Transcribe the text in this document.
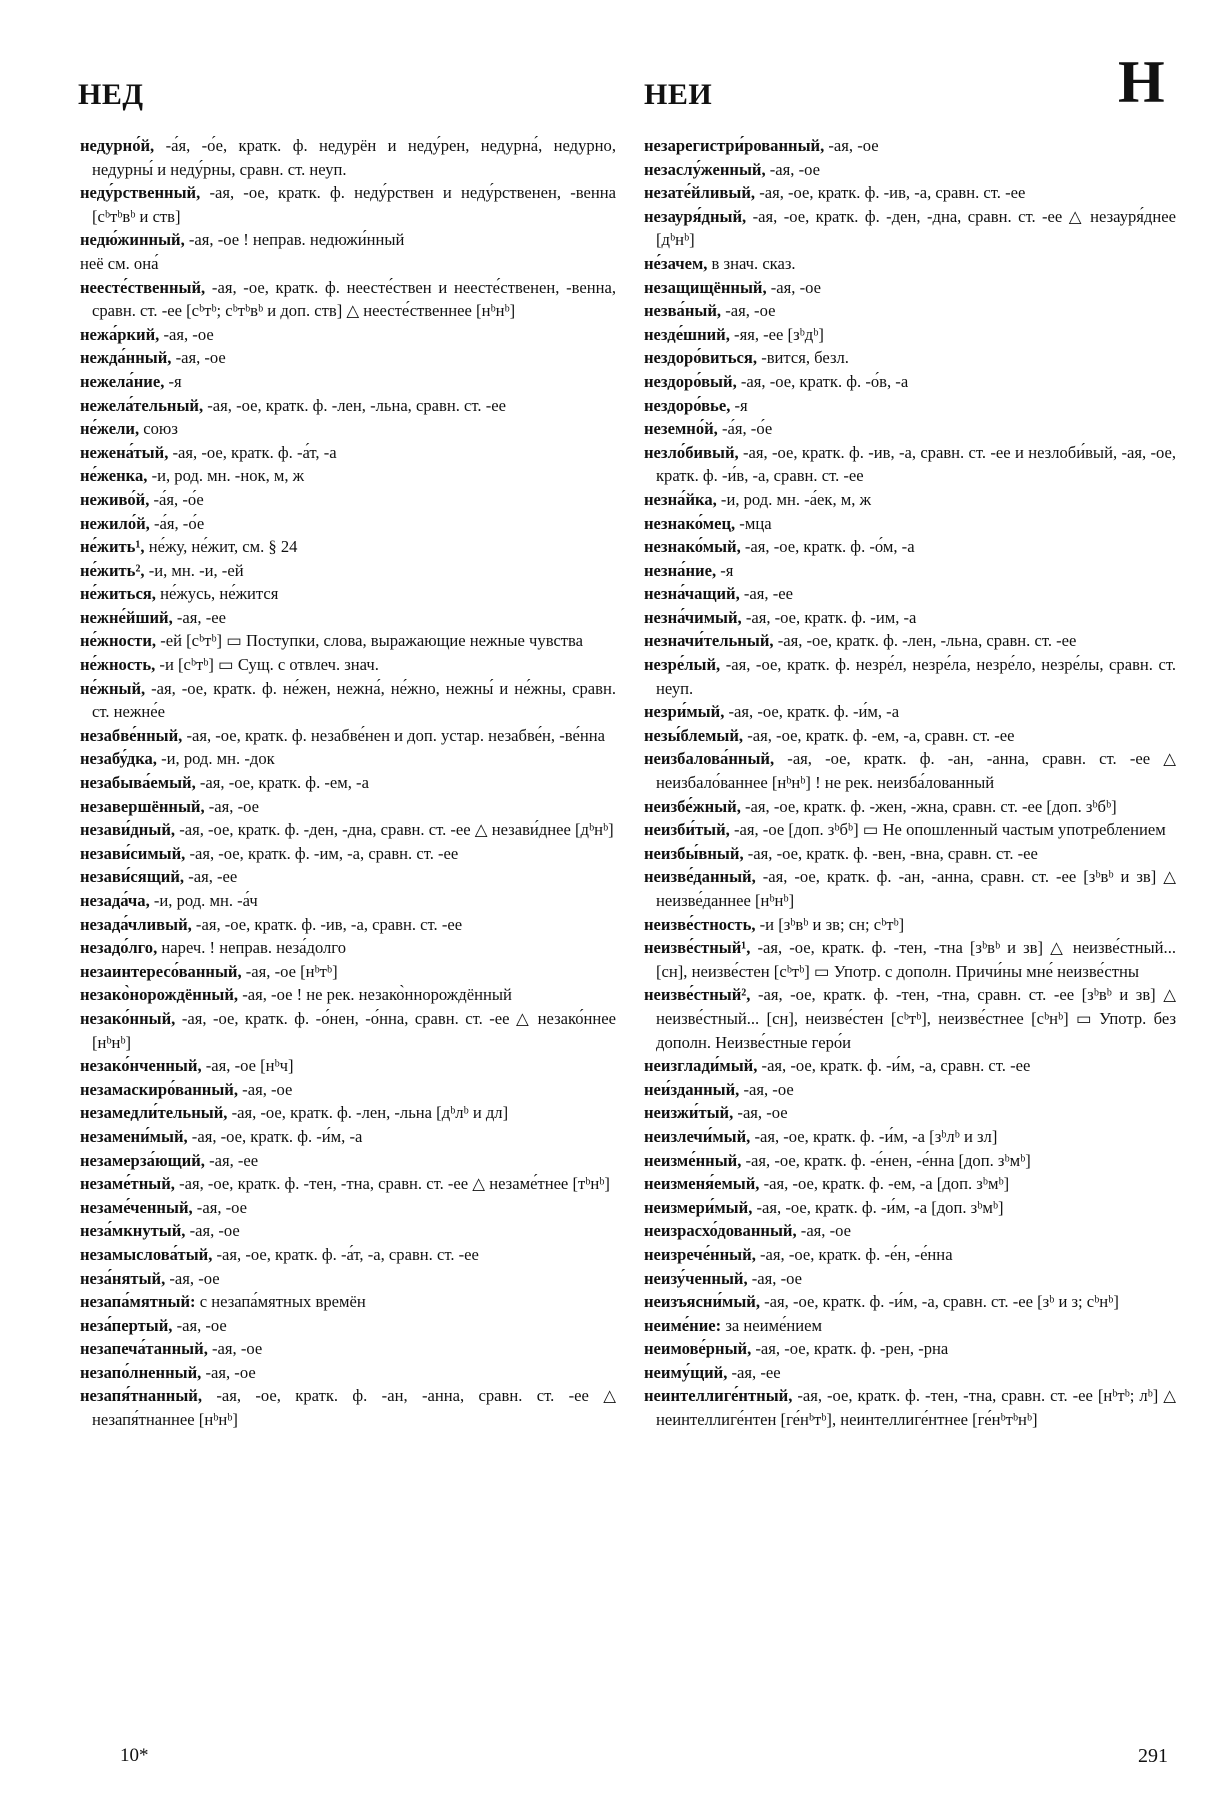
НЕД	НЕИ	Н

недурно́й, -а́я, -о́е, кратк. ф. недурён и неду́рен, недурна́, недурно, недурны́ и неду́рны, сравн. ст. неуп.

неду́рственный, -ая, -ое, кратк. ф. неду́рствен и неду́рственен, -венна [сᵇтᵇвᵇ и ств]

недю́жинный, -ая, -ое ! неправ. недюжи́нный

неё см. она́

неесте́ственный, -ая, -ое, кратк. ф. неесте́ствен и неесте́ственен, -венна, сравн. ст. -ее [сᵇтᵇ; сᵇтᵇвᵇ и доп. ств] △ неесте́ственнее [нᵇнᵇ]

нежа́ркий, -ая, -ое

нежда́нный, -ая, -ое

нежела́ние, -я

нежела́тельный, -ая, -ое, кратк. ф. -лен, -льна, сравн. ст. -ее

не́жели, союз

нежена́тый, -ая, -ое, кратк. ф. -а́т, -а

не́женка, -и, род. мн. -нок, м, ж

неживо́й, -а́я, -о́е

нежило́й, -а́я, -о́е

не́жить¹, не́жу, не́жит, см. § 24

не́жить², -и, мн. -и, -ей

не́житься, не́жусь, не́жится

нежне́йший, -ая, -ее

не́жности, -ей [сᵇтᵇ] ▭ Поступки, слова, выражающие нежные чувства

не́жность, -и [сᵇтᵇ] ▭ Сущ. с отвлеч. знач.

не́жный, -ая, -ое, кратк. ф. не́жен, нежна́, не́жно, нежны́ и не́жны, сравн. ст. нежне́е

незабве́нный, -ая, -ое, кратк. ф. незабве́нен и доп. устар. незабве́н, -ве́нна

незабу́дка, -и, род. мн. -док

незабыва́емый, -ая, -ое, кратк. ф. -ем, -а

незавершённый, -ая, -ое

незави́дный, -ая, -ое, кратк. ф. -ден, -дна, сравн. ст. -ее △ незави́днее [дᵇнᵇ]

незави́симый, -ая, -ое, кратк. ф. -им, -а, сравн. ст. -ее

незави́сящий, -ая, -ее

незада́ча, -и, род. мн. -а́ч

незада́чливый, -ая, -ое, кратк. ф. -ив, -а, сравн. ст. -ее

незадо́лго, нареч. ! неправ. неза́долго

незаинтересо́ванный, -ая, -ое [нᵇтᵇ]

незако̀норождённый, -ая, -ое ! не рек. незако̀ннорождённый

незако́нный, -ая, -ое, кратк. ф. -о́нен, -о́нна, сравн. ст. -ее △ незако́ннее [нᵇнᵇ]

незако́нченный, -ая, -ое [нᵇч]

незамаскиро́ванный, -ая, -ое

незамедли́тельный, -ая, -ое, кратк. ф. -лен, -льна [дᵇлᵇ и дл]

незамени́мый, -ая, -ое, кратк. ф. -и́м, -а

незамерза́ющий, -ая, -ее

незаме́тный, -ая, -ое, кратк. ф. -тен, -тна, сравн. ст. -ее △ незаме́тнее [тᵇнᵇ]

незаме́ченный, -ая, -ое

неза́мкнутый, -ая, -ое

незамыслова́тый, -ая, -ое, кратк. ф. -а́т, -а, сравн. ст. -ее

неза́нятый, -ая, -ое

незапа́мятный: с незапа́мятных времён

неза́пертый, -ая, -ое

незапеча́танный, -ая, -ое

незапо́лненный, -ая, -ое

незапя́тнанный, -ая, -ое, кратк. ф. -ан, -анна, сравн. ст. -ее △ незапя́тнаннее [нᵇнᵇ]

незарегистри́рованный, -ая, -ое

незаслу́женный, -ая, -ое

незате́йливый, -ая, -ое, кратк. ф. -ив, -а, сравн. ст. -ее

незауря́дный, -ая, -ое, кратк. ф. -ден, -дна, сравн. ст. -ее △ незауря́днее [дᵇнᵇ]

не́зачем, в знач. сказ.

незащищённый, -ая, -ое

незва́ный, -ая, -ое

незде́шний, -яя, -ее [зᵇдᵇ]

нездоро́виться, -вится, безл.

нездоро́вый, -ая, -ое, кратк. ф. -о́в, -а

нездоро́вье, -я

неземно́й, -а́я, -о́е

незло́бивый, -ая, -ое, кратк. ф. -ив, -а, сравн. ст. -ее и незлоби́вый, -ая, -ое, кратк. ф. -и́в, -а, сравн. ст. -ее

незна́йка, -и, род. мн. -а́ек, м, ж

незнако́мец, -мца

незнако́мый, -ая, -ое, кратк. ф. -о́м, -а

незна́ние, -я

незна́чащий, -ая, -ее

незна́чимый, -ая, -ое, кратк. ф. -им, -а

незначи́тельный, -ая, -ое, кратк. ф. -лен, -льна, сравн. ст. -ее

незре́лый, -ая, -ое, кратк. ф. незре́л, незре́ла, незре́ло, незре́лы, сравн. ст. неуп.

незри́мый, -ая, -ое, кратк. ф. -и́м, -а

незы́блемый, -ая, -ое, кратк. ф. -ем, -а, сравн. ст. -ее

неизбалова́нный, -ая, -ое, кратк. ф. -ан, -анна, сравн. ст. -ее △ неизбало́ваннее [нᵇнᵇ] ! не рек. неизба́лованный

неизбе́жный, -ая, -ое, кратк. ф. -жен, -жна, сравн. ст. -ее [доп. зᵇбᵇ]

неизби́тый, -ая, -ое [доп. зᵇбᵇ] ▭ Не опошленный частым употреблением

неизбы́вный, -ая, -ое, кратк. ф. -вен, -вна, сравн. ст. -ее

неизве́данный, -ая, -ое, кратк. ф. -ан, -анна, сравн. ст. -ее [зᵇвᵇ и зв] △ неизве́даннее [нᵇнᵇ]

неизве́стность, -и [зᵇвᵇ и зв; сн; сᵇтᵇ]

неизве́стный¹, -ая, -ое, кратк. ф. -тен, -тна [зᵇвᵇ и зв] △ неизве́стный... [сн], неизве́стен [сᵇтᵇ] ▭ Употр. с дополн. Причи́ны мне́ неизве́стны

неизве́стный², -ая, -ое, кратк. ф. -тен, -тна, сравн. ст. -ее [зᵇвᵇ и зв] △ неизве́стный... [сн], неизве́стен [сᵇтᵇ], неизве́стнее [сᵇнᵇ] ▭ Употр. без дополн. Неизве́стные геро́и

неизглади́мый, -ая, -ое, кратк. ф. -и́м, -а, сравн. ст. -ее

неи́зданный, -ая, -ое

неизжи́тый, -ая, -ое

неизлечи́мый, -ая, -ое, кратк. ф. -и́м, -а [зᵇлᵇ и зл]

неизме́нный, -ая, -ое, кратк. ф. -е́нен, -е́нна [доп. зᵇмᵇ]

неизменя́емый, -ая, -ое, кратк. ф. -ем, -а [доп. зᵇмᵇ]

неизмери́мый, -ая, -ое, кратк. ф. -и́м, -а [доп. зᵇмᵇ]

неизрасхо́дованный, -ая, -ое

неизрече́нный, -ая, -ое, кратк. ф. -е́н, -е́нна

неизу́ченный, -ая, -ое

неизъясни́мый, -ая, -ое, кратк. ф. -и́м, -а, сравн. ст. -ее [зᵇ и з; сᵇнᵇ]

неиме́ние: за неиме́нием

неимове́рный, -ая, -ое, кратк. ф. -рен, -рна

неиму́щий, -ая, -ее

неинтеллиге́нтный, -ая, -ое, кратк. ф. -тен, -тна, сравн. ст. -ее [нᵇтᵇ; лᵇ] △ неинтеллиге́нтен [ге́нᵇтᵇ], неинтеллиге́нтнее [ге́нᵇтᵇнᵇ]

10*	291
